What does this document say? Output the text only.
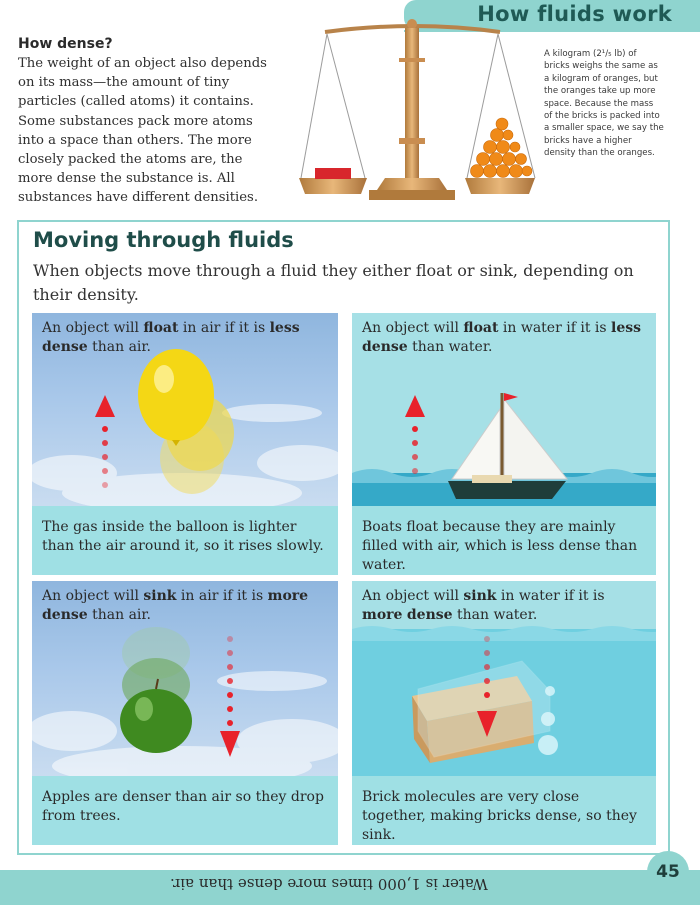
How fluids work
How dense?
The weight of an object also depends on its mass—the amount of tiny particles (called atoms) it contains. Some substances pack more atoms into a space than others. The more closely packed the atoms are, the more dense the substance is. All substances have different densities.
A kilogram (2¹/₅ lb) of bricks weighs the same as a kilogram of oranges, but the oranges take up more space. Because the mass of the bricks is packed into a smaller space, we say the bricks have a higher density than the oranges.
Moving through fluids
When objects move through a fluid they either float or sink, depending on their density.

An object will float in air if it is less dense than air.

The gas inside the balloon is lighter than the air around it, so it rises slowly.

An object will float in water if it is less dense than water.

Boats float because they are mainly filled with air, which is less dense than water.

An object will sink in air if it is more dense than air.

Apples are denser than air so they drop from trees.

An object will sink in water if it is more dense than water.

Brick molecules are very close together, making bricks dense, so they sink.

Water is 1,000 times more dense than air.
45
